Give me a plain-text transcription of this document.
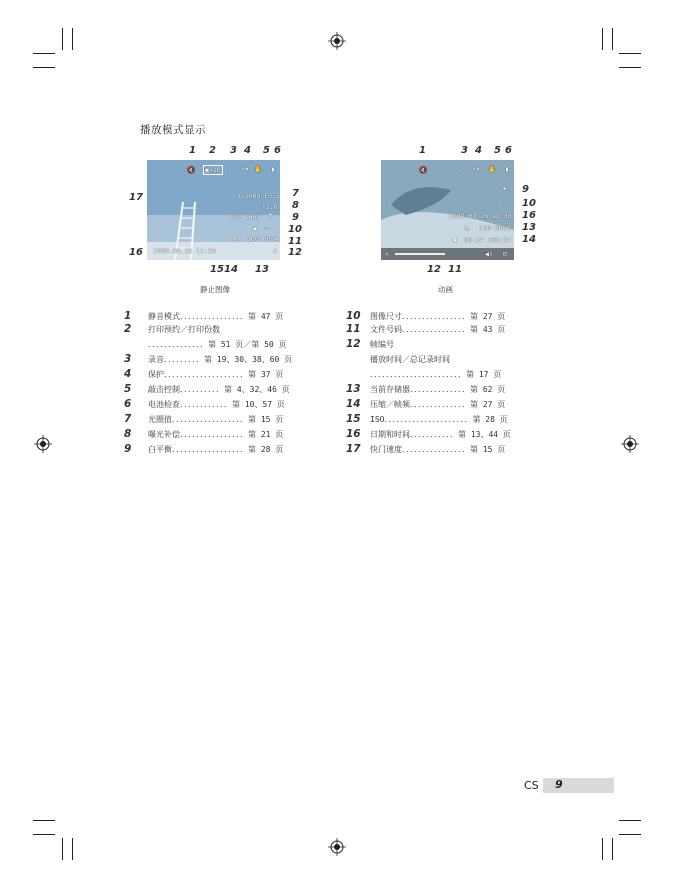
播放模式显示
🔇	▣×10	♪ ⊶ ✋ ▮
1/1000 F3.5
+2.0
ISO 1600 ☀
▭
▲
▤ 100-0004
4
2009.08.26 12:30
1 2 3 4 5 6
7
8
9
10
11
12
13
14
15
16
17
静止图像
🔇	♪ ⊶ ✋ ▮
☀
▭
2009.08.26 12:30
▤ 100-0004
▣ 00:14 /00:34
«	◀) ⊟
1	3 4 5 6
9
10
16
13
14
12 11
动画
1	静音模式．．．．．．．．．．．．．．．．第 47 页
2	打印预约／打印份数
．．．．．．．．．．．．．．第 51 页／第 50 页
3	录音．．．．．．．．．第 19、30、38、60 页
4	保护．．．．．．．．．．．．．．．．．．．．第 37 页
5	敲击控制．．．．．．．．．．第 4、32、46 页
6	电池检查．．．．．．．．．．．．第 10、57 页
7	光圈值．．．．．．．．．．．．．．．．．．第 15 页
8	曝光补偿．．．．．．．．．．．．．．．．第 21 页
9	白平衡．．．．．．．．．．．．．．．．．．第 28 页
10	图像尺寸．．．．．．．．．．．．．．．．第 27 页
11	文件号码．．．．．．．．．．．．．．．．第 43 页
12	帧编号
播放时间／总记录时间
．．．．．．．．．．．．．．．．．．．．．．．第 17 页
13	当前存储器．．．．．．．．．．．．．．第 62 页
14	压缩／帧频．．．．．．．．．．．．．．第 27 页
15	ISO．．．．．．．．．．．．．．．．．．．．．第 28 页
16	日期和时间．．．．．．．．．．．第 13、44 页
17	快门速度．．．．．．．．．．．．．．．．第 15 页
CS 9
